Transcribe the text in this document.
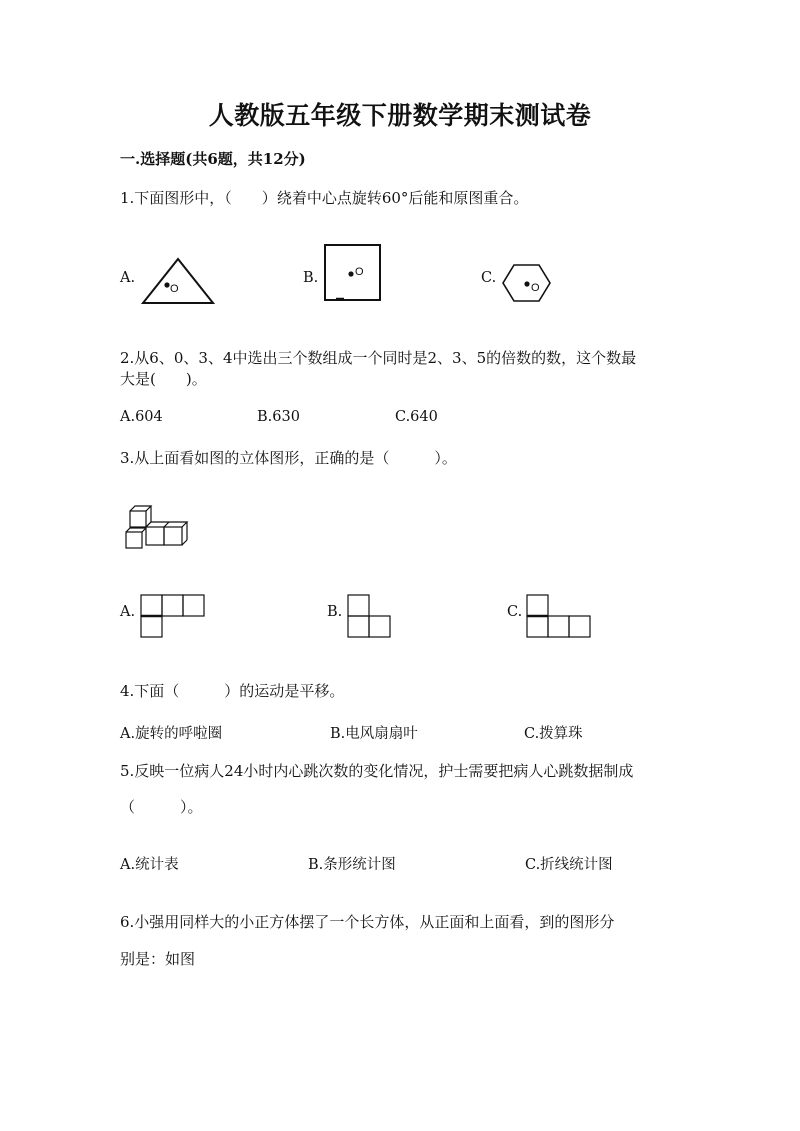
人教版五年级下册数学期末测试卷
一.选择题(共6题，共12分)
1.下面图形中，（　　）绕着中心点旋转60°后能和原图重合。
A.
O
B.	O	C.
O
2.从6、0、3、4中选出三个数组成一个同时是2、3、5的倍数的数，这个数最
大是(　　)。
A.604	B.630	C.640
3.从上面看如图的立体图形，正确的是（　　　）。
A.	B.	C.
4.下面（　　　）的运动是平移。
A.旋转的呼啦圈	B.电风扇扇叶	C.拨算珠
5.反映一位病人24小时内心跳次数的变化情况，护士需要把病人心跳数据制成
（　　　）。
A.统计表	B.条形统计图	C.折线统计图
6.小强用同样大的小正方体摆了一个长方体，从正面和上面看，到的图形分
别是：如图
